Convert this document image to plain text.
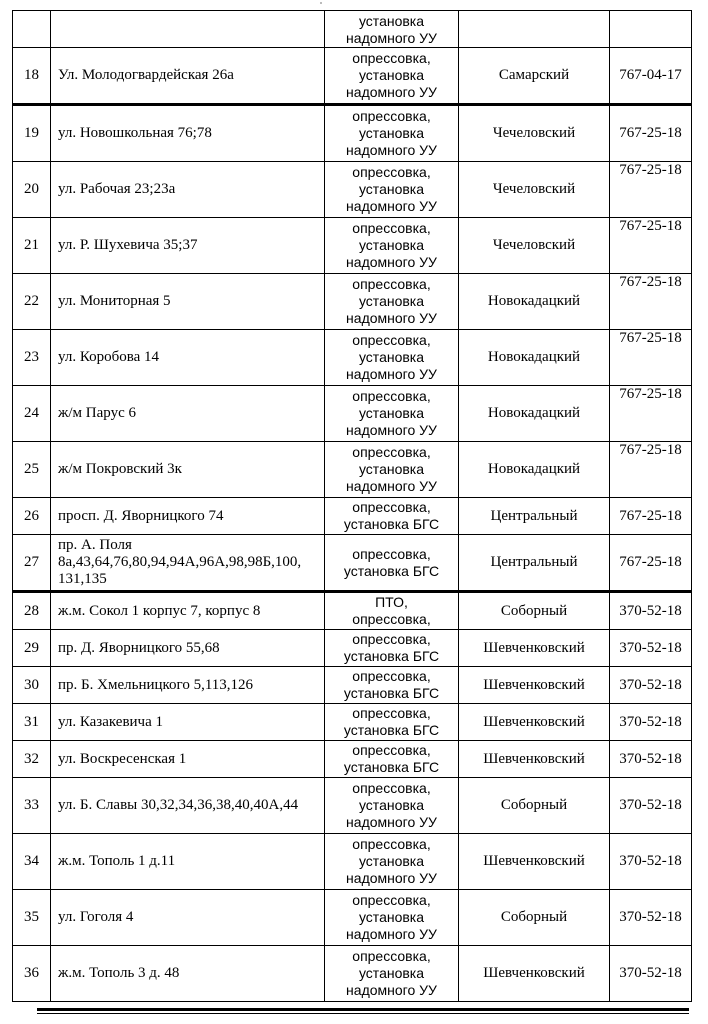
		установка
надомного УУ		

18	Ул. Молодогвардейская 26а	опрессовка,
установка
надомного УУ	Самарский	767-04-17
19	ул. Новошкольная 76;78	опрессовка,
установка
надомного УУ	Чечеловский	767-25-18
20	ул. Рабочая 23;23а	опрессовка,
установка
надомного УУ	Чечеловский	767-25-18
21	ул. Р. Шухевича 35;37	опрессовка,
установка
надомного УУ	Чечеловский	767-25-18
22	ул. Мониторная 5	опрессовка,
установка
надомного УУ	Новокадацкий	767-25-18
23	ул. Коробова 14	опрессовка,
установка
надомного УУ	Новокадацкий	767-25-18
24	ж/м Парус 6	опрессовка,
установка
надомного УУ	Новокадацкий	767-25-18
25	ж/м Покровский 3к	опрессовка,
установка
надомного УУ	Новокадацкий	767-25-18
26	просп. Д. Яворницкого 74	опрессовка,
установка БГС	Центральный	767-25-18
27	пр. А. Поля
8а,43,64,76,80,94,94А,96А,98,98Б,100,
131,135	опрессовка,
установка БГС	Центральный	767-25-18
28	ж.м. Сокол 1 корпус 7, корпус 8	ПТО,
опрессовка,	Соборный	370-52-18
29	пр. Д. Яворницкого 55,68	опрессовка,
установка БГС	Шевченковский	370-52-18
30	пр. Б. Хмельницкого 5,113,126	опрессовка,
установка БГС	Шевченковский	370-52-18
31	ул. Казакевича 1	опрессовка,
установка БГС	Шевченковский	370-52-18
32	ул. Воскресенская 1	опрессовка,
установка БГС	Шевченковский	370-52-18
33	ул. Б. Славы 30,32,34,36,38,40,40А,44	опрессовка,
установка
надомного УУ	Соборный	370-52-18
34	ж.м. Тополь 1 д.11	опрессовка,
установка
надомного УУ	Шевченковский	370-52-18
35	ул. Гоголя 4	опрессовка,
установка
надомного УУ	Соборный	370-52-18
36	ж.м. Тополь 3 д. 48	опрессовка,
установка
надомного УУ	Шевченковский	370-52-18
